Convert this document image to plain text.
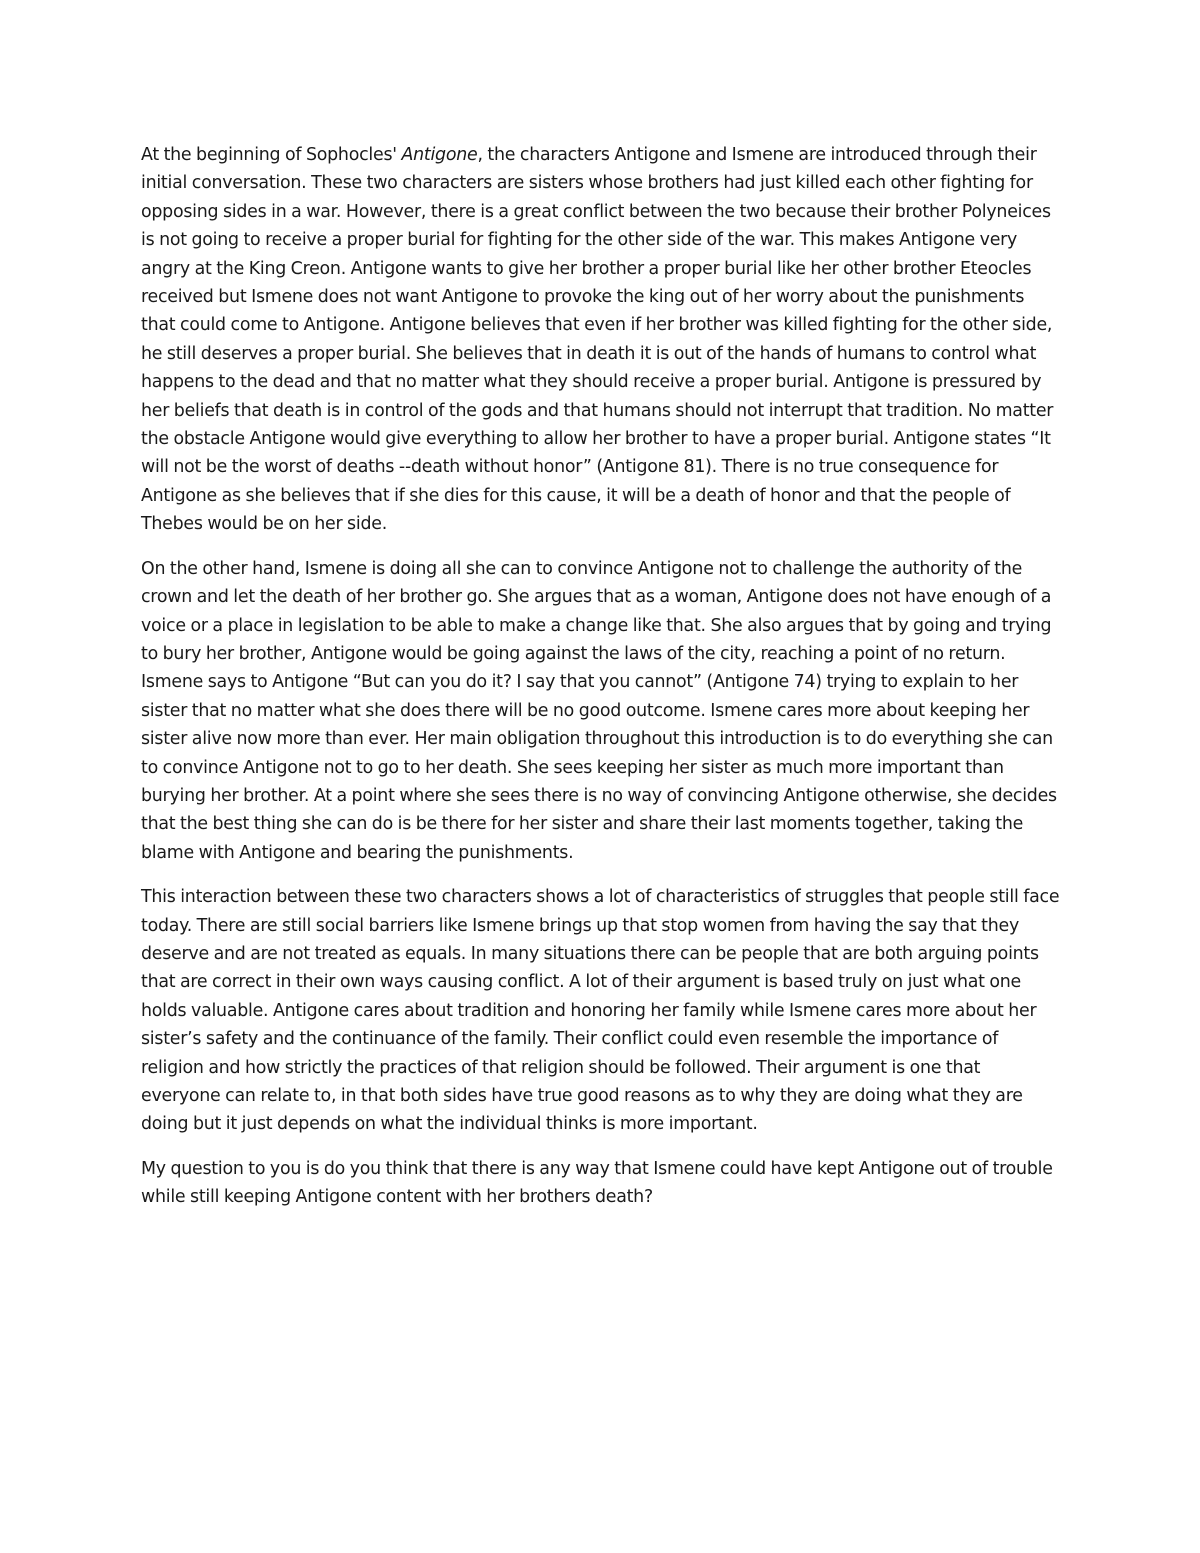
At the beginning of Sophocles' Antigone, the characters Antigone and Ismene are introduced through their initial conversation. These two characters are sisters whose brothers had just killed each other fighting for opposing sides in a war. However, there is a great conflict between the two because their brother Polyneices is not going to receive a proper burial for fighting for the other side of the war. This makes Antigone very angry at the King Creon. Antigone wants to give her brother a proper burial like her other brother Eteocles received but Ismene does not want Antigone to provoke the king out of her worry about the punishments that could come to Antigone. Antigone believes that even if her brother was killed fighting for the other side, he still deserves a proper burial. She believes that in death it is out of the hands of humans to control what happens to the dead and that no matter what they should receive a proper burial. Antigone is pressured by her beliefs that death is in control of the gods and that humans should not interrupt that tradition. No matter the obstacle Antigone would give everything to allow her brother to have a proper burial. Antigone states “It will not be the worst of deaths --death without honor” (Antigone 81). There is no true consequence for Antigone as she believes that if she dies for this cause, it will be a death of honor and that the people of Thebes would be on her side.

On the other hand, Ismene is doing all she can to convince Antigone not to challenge the authority of the crown and let the death of her brother go. She argues that as a woman, Antigone does not have enough of a voice or a place in legislation to be able to make a change like that. She also argues that by going and trying to bury her brother, Antigone would be going against the laws of the city, reaching a point of no return. Ismene says to Antigone “But can you do it? I say that you cannot” (Antigone 74) trying to explain to her sister that no matter what she does there will be no good outcome. Ismene cares more about keeping her sister alive now more than ever. Her main obligation throughout this introduction is to do everything she can to convince Antigone not to go to her death. She sees keeping her sister as much more important than burying her brother. At a point where she sees there is no way of convincing Antigone otherwise, she decides that the best thing she can do is be there for her sister and share their last moments together, taking the blame with Antigone and bearing the punishments.

This interaction between these two characters shows a lot of characteristics of struggles that people still face today. There are still social barriers like Ismene brings up that stop women from having the say that they deserve and are not treated as equals. In many situations there can be people that are both arguing points that are correct in their own ways causing conflict. A lot of their argument is based truly on just what one holds valuable. Antigone cares about tradition and honoring her family while Ismene cares more about her sister’s safety and the continuance of the family. Their conflict could even resemble the importance of religion and how strictly the practices of that religion should be followed. Their argument is one that everyone can relate to, in that both sides have true good reasons as to why they are doing what they are doing but it just depends on what the individual thinks is more important.

My question to you is do you think that there is any way that Ismene could have kept Antigone out of trouble while still keeping Antigone content with her brothers death?
